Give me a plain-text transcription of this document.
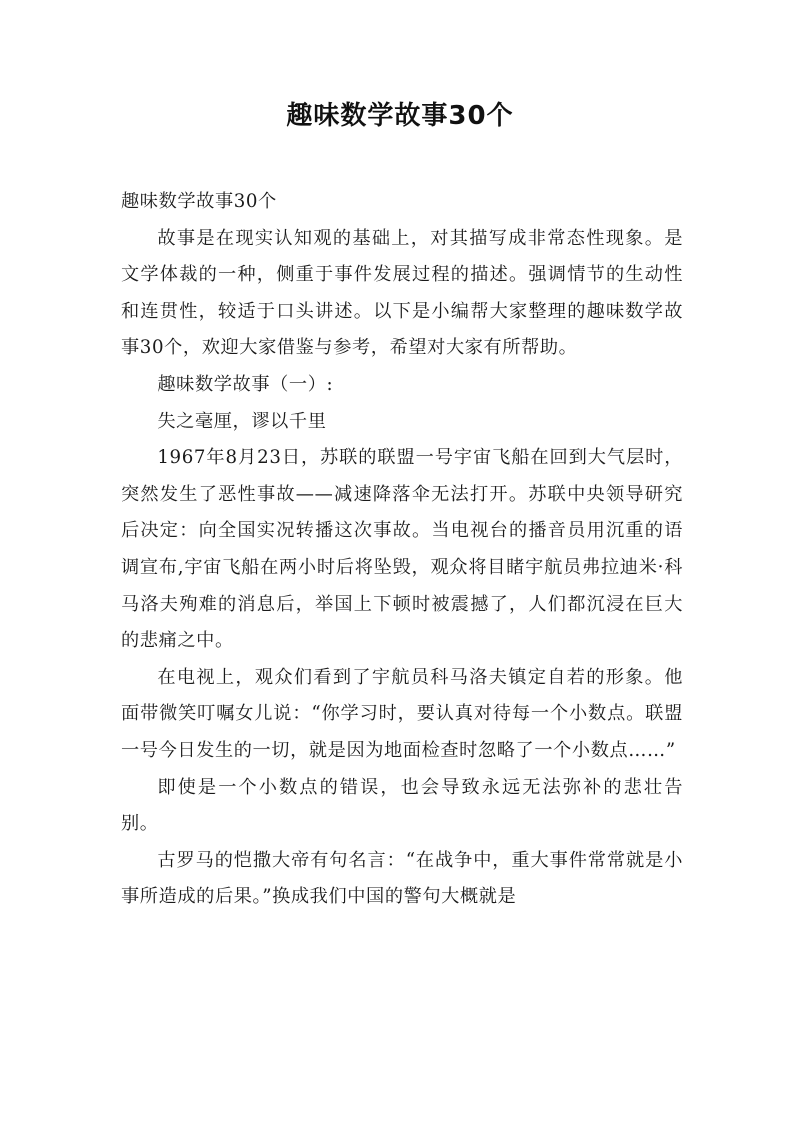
趣味数学故事30个

趣味数学故事30个

故事是在现实认知观的基础上，对其描写成非常态性现象。是文学体裁的一种，侧重于事件发展过程的描述。强调情节的生动性和连贯性，较适于口头讲述。以下是小编帮大家整理的趣味数学故事30个，欢迎大家借鉴与参考，希望对大家有所帮助。

趣味数学故事（一）:

失之毫厘，谬以千里

1967年8月23日，苏联的联盟一号宇宙飞船在回到大气层时，突然发生了恶性事故——减速降落伞无法打开。苏联中央领导研究后决定：向全国实况转播这次事故。当电视台的播音员用沉重的语调宣布,宇宙飞船在两小时后将坠毁，观众将目睹宇航员弗拉迪米·科马洛夫殉难的消息后，举国上下顿时被震撼了，人们都沉浸在巨大的悲痛之中。

在电视上，观众们看到了宇航员科马洛夫镇定自若的形象。他面带微笑叮嘱女儿说：“你学习时，要认真对待每一个小数点。联盟一号今日发生的一切，就是因为地面检查时忽略了一个小数点……”

即使是一个小数点的错误，也会导致永远无法弥补的悲壮告别。

古罗马的恺撒大帝有句名言：“在战争中，重大事件常常就是小事所造成的后果。”换成我们中国的警句大概就是
